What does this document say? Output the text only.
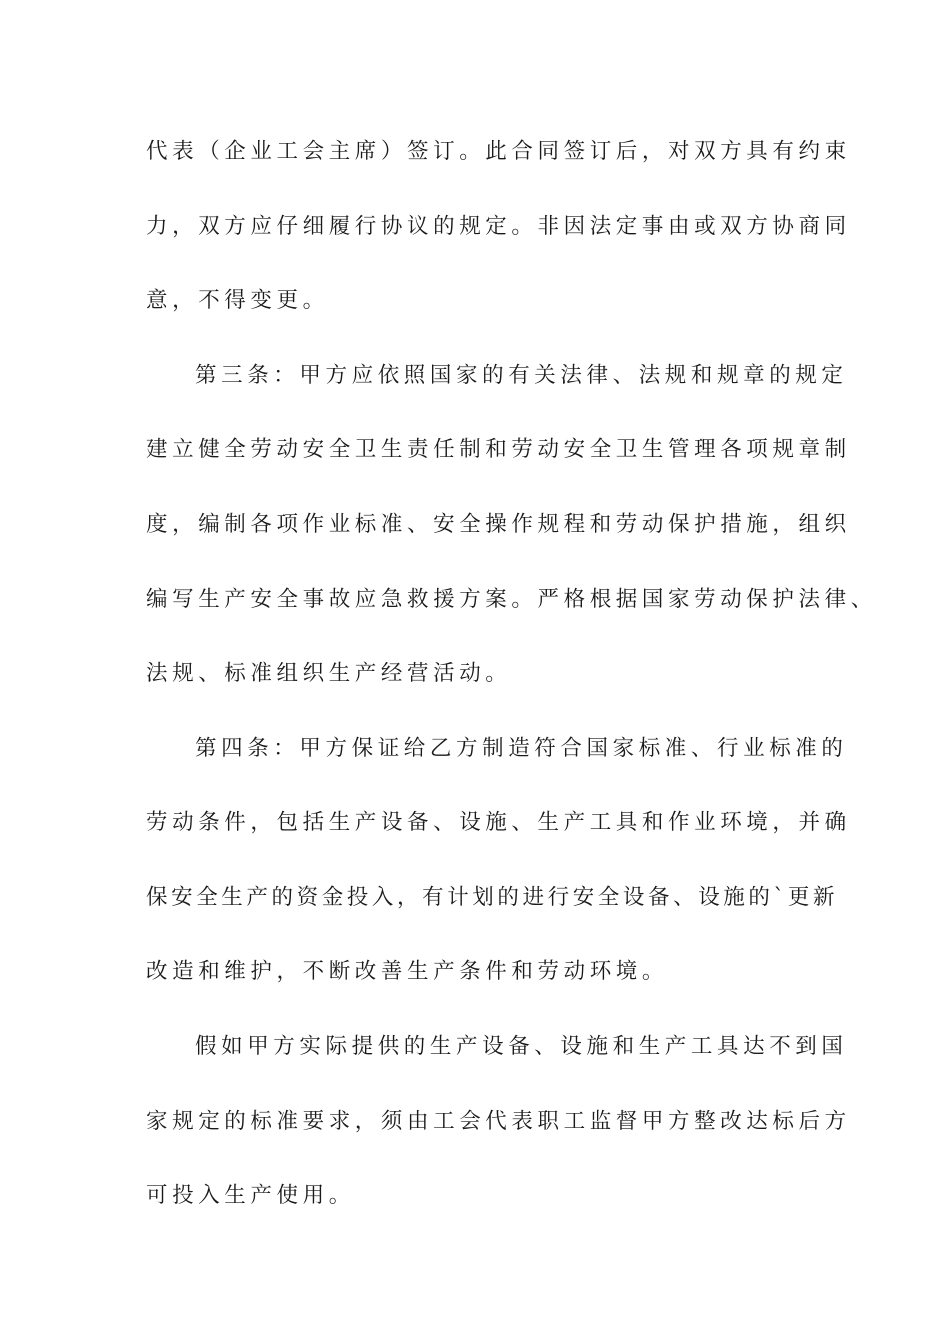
代表（企业工会主席）签订。此合同签订后，对双方具有约束
力，双方应仔细履行协议的规定。非因法定事由或双方协商同
意，不得变更。
第三条：甲方应依照国家的有关法律、法规和规章的规定
建立健全劳动安全卫生责任制和劳动安全卫生管理各项规章制
度，编制各项作业标准、安全操作规程和劳动保护措施，组织
编写生产安全事故应急救援方案。严格根据国家劳动保护法律、
法规、标准组织生产经营活动。
第四条：甲方保证给乙方制造符合国家标准、行业标准的
劳动条件，包括生产设备、设施、生产工具和作业环境，并确
保安全生产的资金投入，有计划的进行安全设备、设施的`更新
改造和维护，不断改善生产条件和劳动环境。
假如甲方实际提供的生产设备、设施和生产工具达不到国
家规定的标准要求，须由工会代表职工监督甲方整改达标后方
可投入生产使用。
